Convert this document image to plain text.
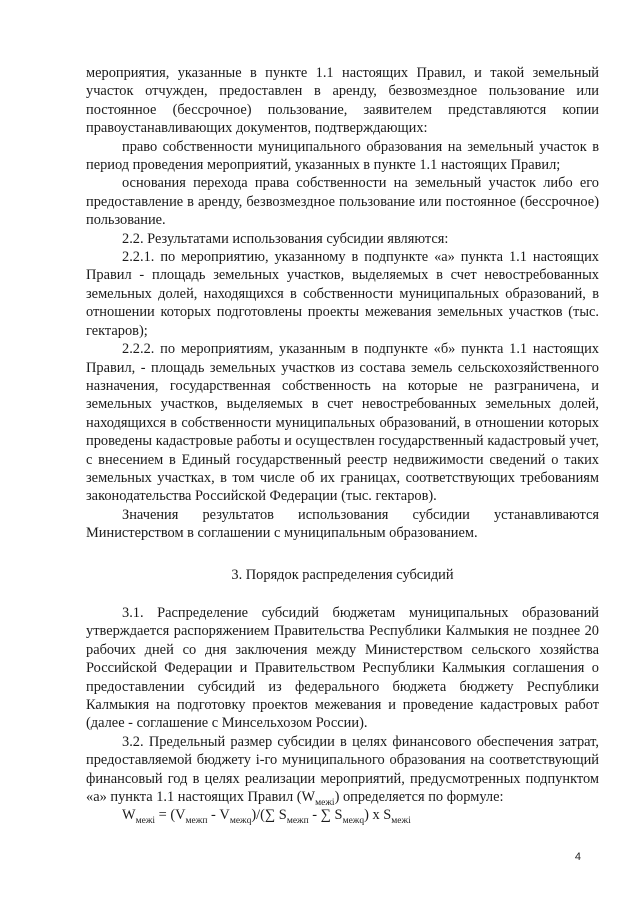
мероприятия, указанные в пункте 1.1 настоящих Правил, и такой земельный участок отчужден, предоставлен в аренду, безвозмездное пользование или постоянное (бессрочное) пользование, заявителем представляются копии правоустанавливающих документов, подтверждающих:

право собственности муниципального образования на земельный участок в период проведения мероприятий, указанных в пункте 1.1 настоящих Правил;

основания перехода права собственности на земельный участок либо его предоставление в аренду, безвозмездное пользование или постоянное (бессрочное) пользование.

2.2. Результатами использования субсидии являются:

2.2.1. по мероприятию, указанному в подпункте «а» пункта 1.1 настоящих Правил - площадь земельных участков, выделяемых в счет невостребованных земельных долей, находящихся в собственности муниципальных образований, в отношении которых подготовлены проекты межевания земельных участков (тыс. гектаров);

2.2.2. по мероприятиям, указанным в подпункте «б» пункта 1.1 настоящих Правил, - площадь земельных участков из состава земель сельскохозяйственного назначения, государственная собственность на которые не разграничена, и земельных участков, выделяемых в счет невостребованных земельных долей, находящихся в собственности муниципальных образований, в отношении которых проведены кадастровые работы и осуществлен государственный кадастровый учет, с внесением в Единый государственный реестр недвижимости сведений о таких земельных участках, в том числе об их границах, соответствующих требованиям законодательства Российской Федерации (тыс. гектаров).

Значения результатов использования субсидии устанавливаются Министерством в соглашении с муниципальным образованием.

3. Порядок распределения субсидий

3.1. Распределение субсидий бюджетам муниципальных образований утверждается распоряжением Правительства Республики Калмыкия не позднее 20 рабочих дней со дня заключения между Министерством сельского хозяйства Российской Федерации и Правительством Республики Калмыкия соглашения о предоставлении субсидий из федерального бюджета бюджету Республики Калмыкия на подготовку проектов межевания и проведение кадастровых работ (далее - соглашение с Минсельхозом России).

3.2. Предельный размер субсидии в целях финансового обеспечения затрат, предоставляемой бюджету i-го муниципального образования на соответствующий финансовый год в целях реализации мероприятий, предусмотренных подпунктом «а» пункта 1.1 настоящих Правил $(W_{межі})$ определяется по формуле:

$W_{межі} = (V_{межп} - V_{межq})/(\sum$ $S_{межп}$ - ∑ $S_{межq}$) x $S_{межі}$

4
